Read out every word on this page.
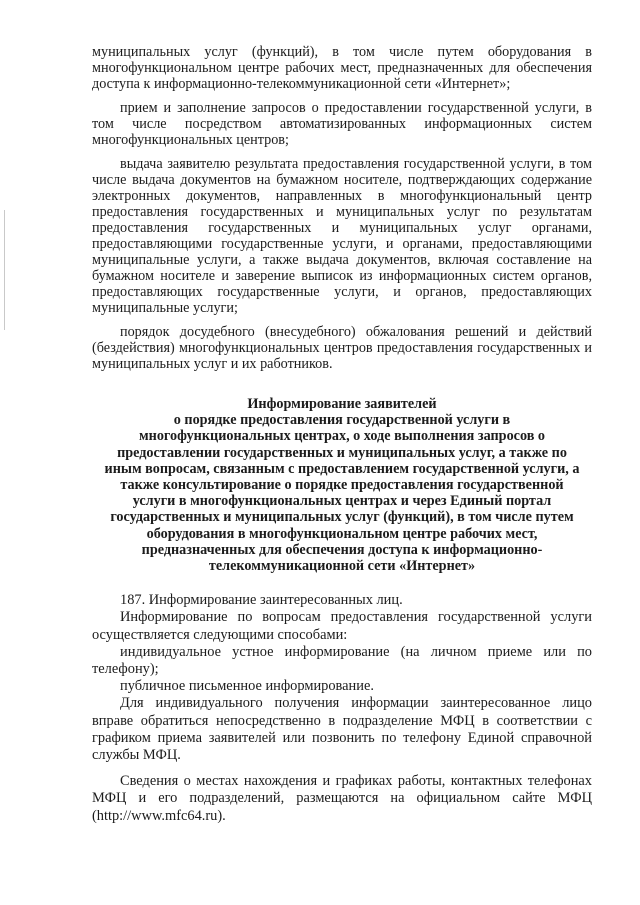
муниципальных услуг (функций), в том числе путем оборудования в многофункциональном центре рабочих мест, предназначенных для обеспечения доступа к информационно-телекоммуникационной сети «Интернет»;

прием и заполнение запросов о предоставлении государственной услуги, в том числе посредством автоматизированных информационных систем многофункциональных центров;

выдача заявителю результата предоставления государственной услуги, в том числе выдача документов на бумажном носителе, подтверждающих содержание электронных документов, направленных в многофункциональный центр предоставления государственных и муниципальных услуг по результатам предоставления государственных и муниципальных услуг органами, предоставляющими государственные услуги, и органами, предоставляющими муниципальные услуги, а также выдача документов, включая составление на бумажном носителе и заверение выписок из информационных систем органов, предоставляющих государственные услуги, и органов, предоставляющих муниципальные услуги;

порядок досудебного (внесудебного) обжалования решений и действий (бездействия) многофункциональных центров предоставления государственных и муниципальных услуг и их работников.

Информирование заявителей

о порядке предоставления государственной услуги в многофункциональных центрах, о ходе выполнения запросов о предоставлении государственных и муниципальных услуг, а также по иным вопросам, связанным с предоставлением государственной услуги, а также консультирование о порядке предоставления государственной услуги в многофункциональных центрах и через Единый портал государственных и муниципальных услуг (функций), в том числе путем оборудования в многофункциональном центре рабочих мест, предназначенных для обеспечения доступа к информационно-телекоммуникационной сети «Интернет»

187. Информирование заинтересованных лиц.

Информирование по вопросам предоставления государственной услуги осуществляется следующими способами:

индивидуальное устное информирование (на личном приеме или по телефону);

публичное письменное информирование.

Для индивидуального получения информации заинтересованное лицо вправе обратиться непосредственно в подразделение МФЦ в соответствии с графиком приема заявителей или позвонить по телефону Единой справочной службы МФЦ.

Сведения о местах нахождения и графиках работы, контактных телефонах МФЦ и его подразделений, размещаются на официальном сайте МФЦ (http://www.mfc64.ru).
